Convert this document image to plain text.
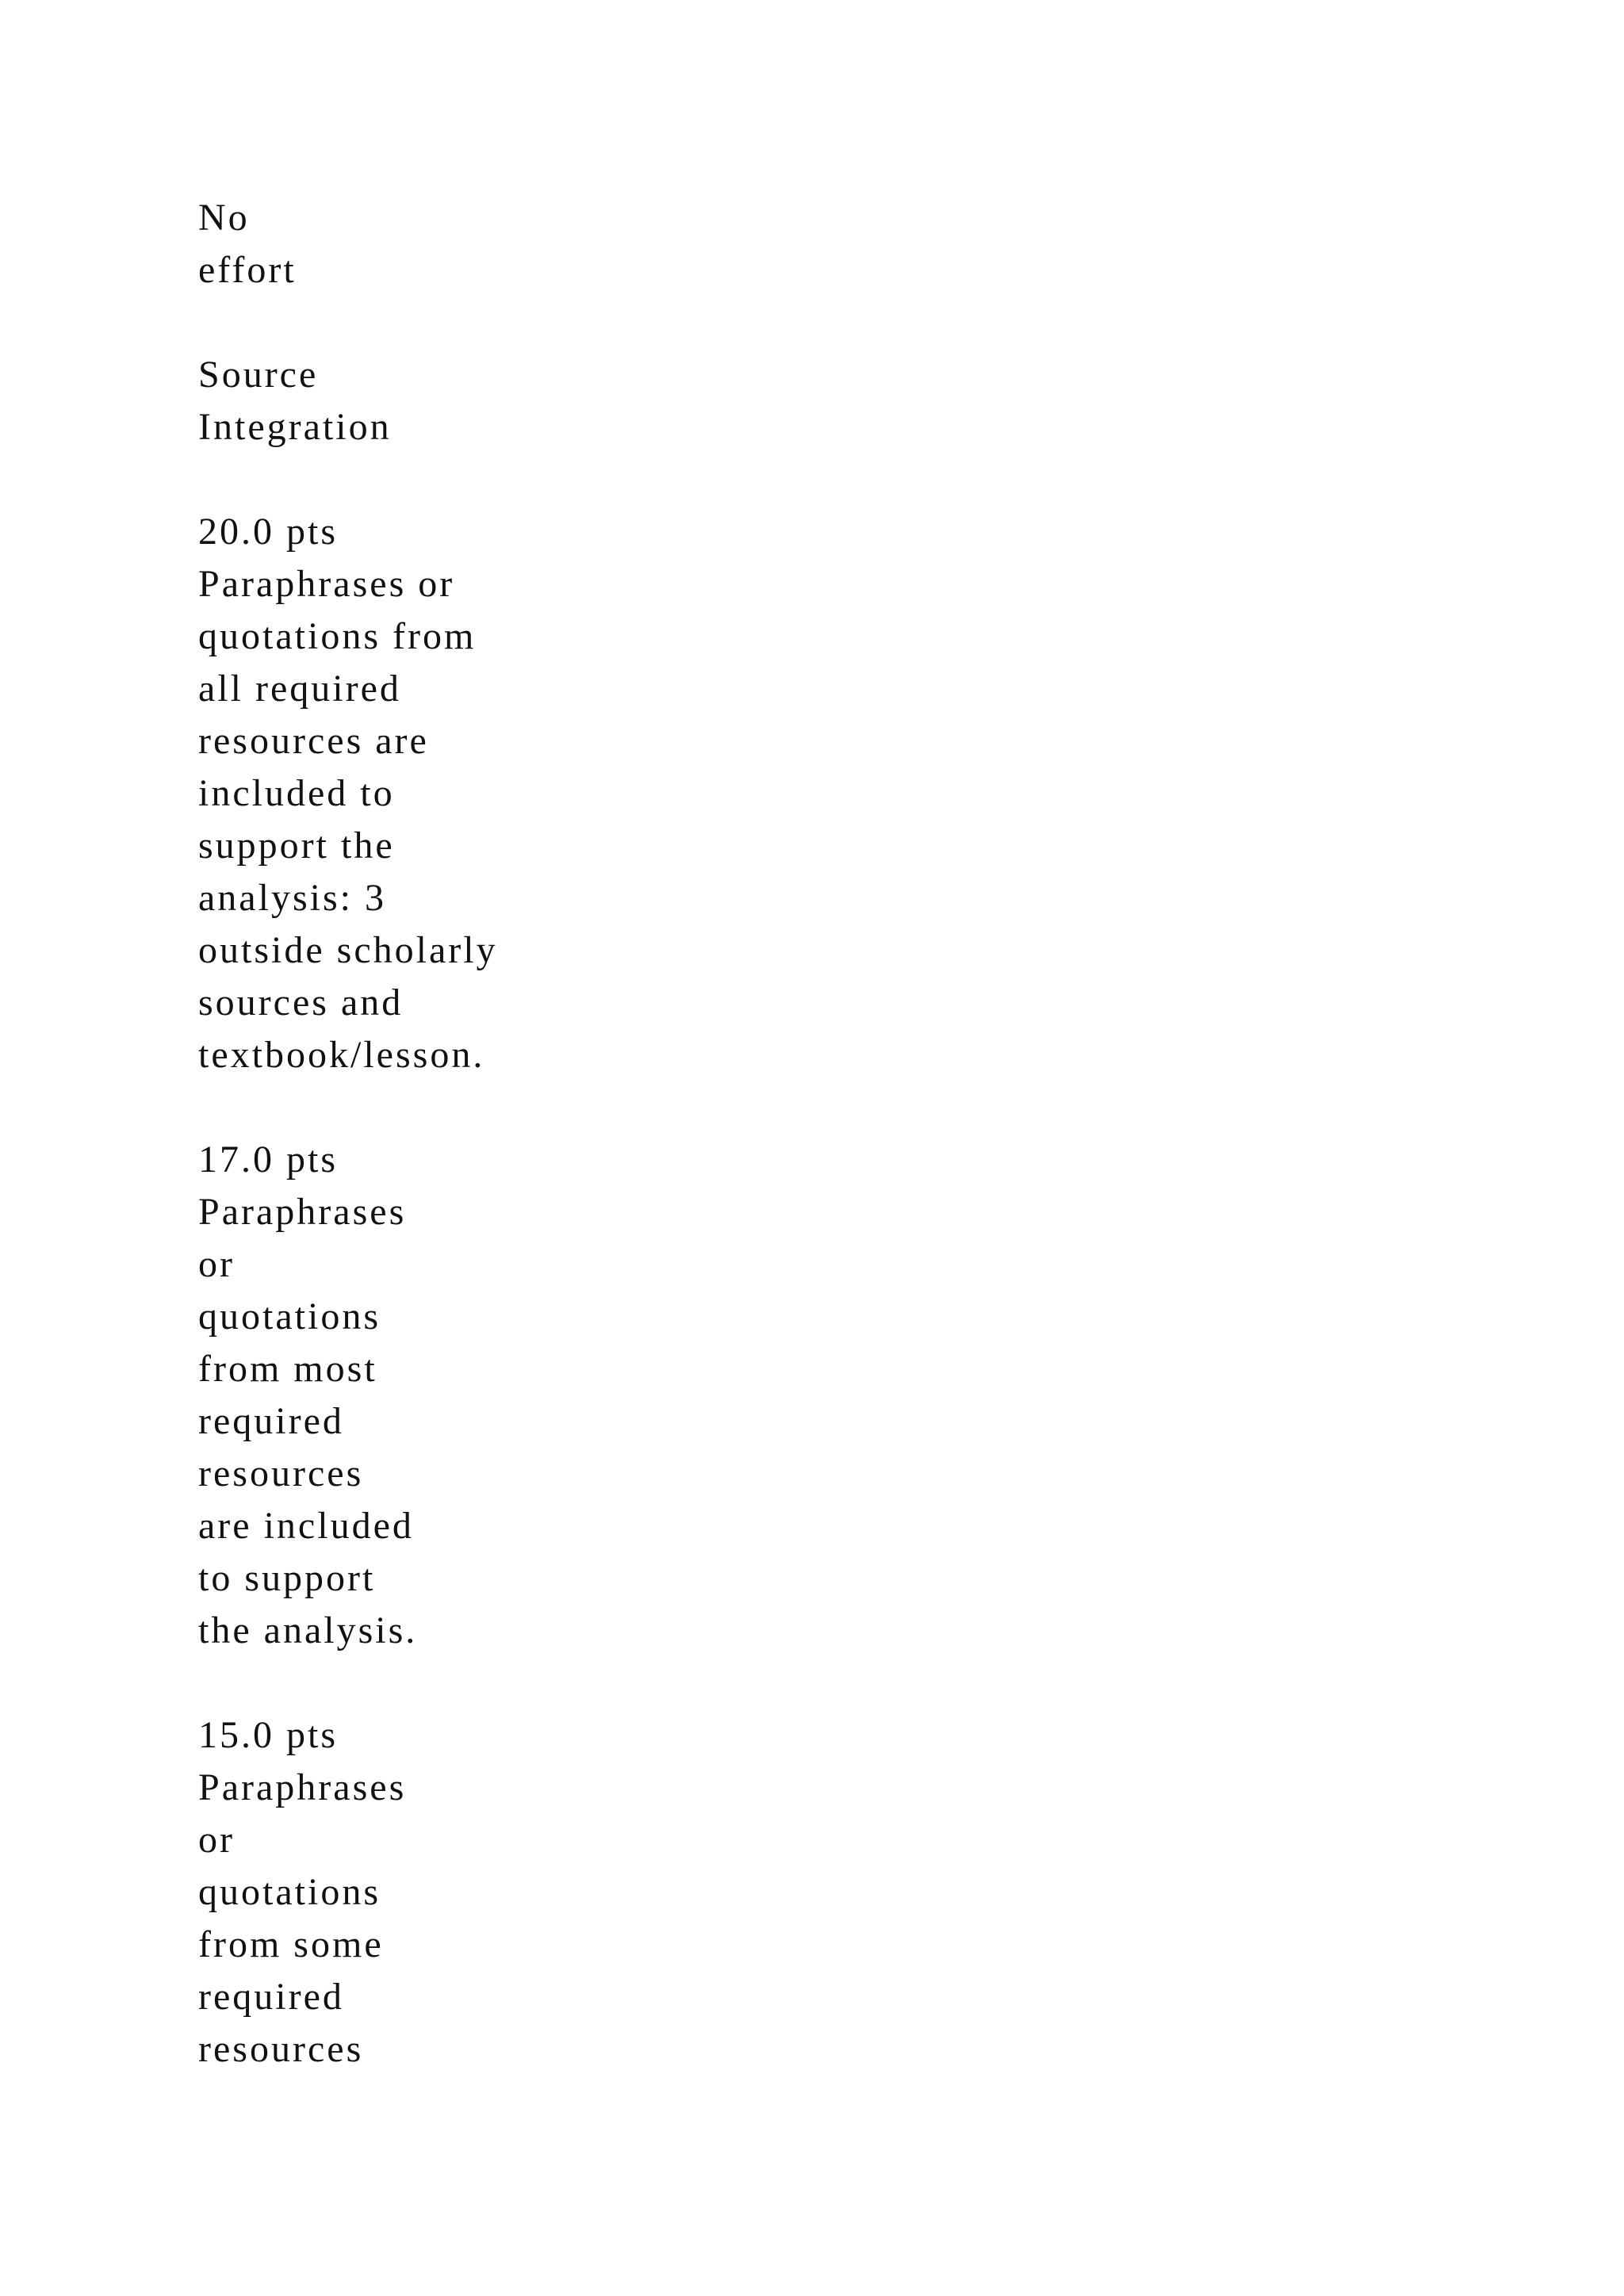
No
effort
Source
Integration
20.0 pts
Paraphrases or
quotations from
all required
resources are
included to
support the
analysis: 3
outside scholarly
sources and
textbook/lesson.
17.0 pts
Paraphrases
or
quotations
from most
required
resources
are included
to support
the analysis.
15.0 pts
Paraphrases
or
quotations
from some
required
resources
